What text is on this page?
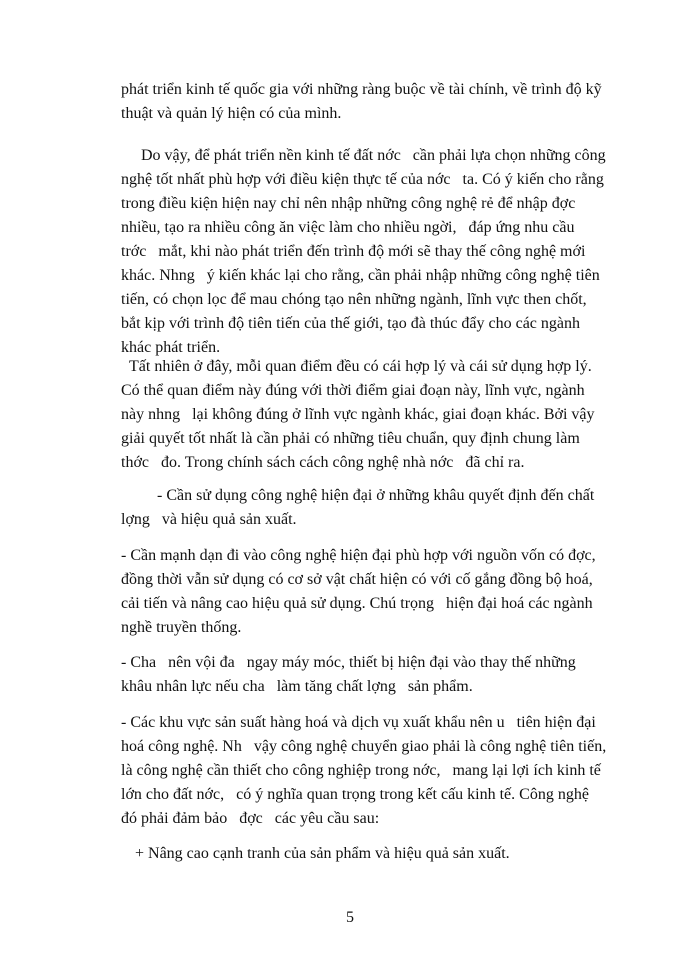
phát triển kinh tế quốc gia với những ràng buộc về tài chính, về trình độ kỹ
thuật và quản lý hiện có của mình.
Do vậy, để phát triển nền kinh tế đất nớc   cần phải lựa chọn những công
nghệ tốt nhất phù hợp với điều kiện thực tế của nớc   ta. Có ý kiến cho rằng
trong điều kiện hiện nay chỉ nên nhập những công nghệ rẻ để nhập đợc
nhiều, tạo ra nhiều công ăn việc làm cho nhiều ngời,   đáp ứng nhu cầu
trớc   mắt, khi nào phát triển đến trình độ mới sẽ thay thế công nghệ mới
khác. Nhng   ý kiến khác lại cho rằng, cần phải nhập những công nghệ tiên
tiến, có chọn lọc để mau chóng tạo nên những ngành, lĩnh vực then chốt,
bắt kịp với trình độ tiên tiến của thế giới, tạo đà thúc đẩy cho các ngành
khác phát triển.
Tất nhiên ở đây, mỗi quan điểm đều có cái hợp lý và cái sử dụng hợp lý.
Có thể quan điểm này đúng với thời điểm giai đoạn này, lĩnh vực, ngành
này nhng   lại không đúng ở lĩnh vực ngành khác, giai đoạn khác. Bởi vậy
giải quyết tốt nhất là cần phải có những tiêu chuẩn, quy định chung làm
thớc   đo. Trong chính sách cách công nghệ nhà nớc   đã chỉ ra.
- Cần sử dụng công nghệ hiện đại ở những khâu quyết định đến chất
lợng   và hiệu quả sản xuất.
- Cần mạnh dạn đi vào công nghệ hiện đại phù hợp với nguồn vốn có đợc,
đồng thời vẫn sử dụng có cơ sở vật chất hiện có với cố gắng đồng bộ hoá,
cải tiến và nâng cao hiệu quả sử dụng. Chú trọng   hiện đại hoá các ngành
nghề truyền thống.
- Cha   nên vội đa   ngay máy móc, thiết bị hiện đại vào thay thế những
khâu nhân lực nếu cha   làm tăng chất lợng   sản phẩm.
- Các khu vực sản suất hàng hoá và dịch vụ xuất khẩu nên u   tiên hiện đại
hoá công nghệ. Nh   vậy công nghệ chuyển giao phải là công nghệ tiên tiến,
là công nghệ cần thiết cho công nghiệp trong nớc,   mang lại lợi ích kinh tế
lớn cho đất nớc,   có ý nghĩa quan trọng trong kết cấu kinh tế. Công nghệ
đó phải đảm bảo   đợc   các yêu cầu sau:
+ Nâng cao cạnh tranh của sản phẩm và hiệu quả sản xuất.
5
